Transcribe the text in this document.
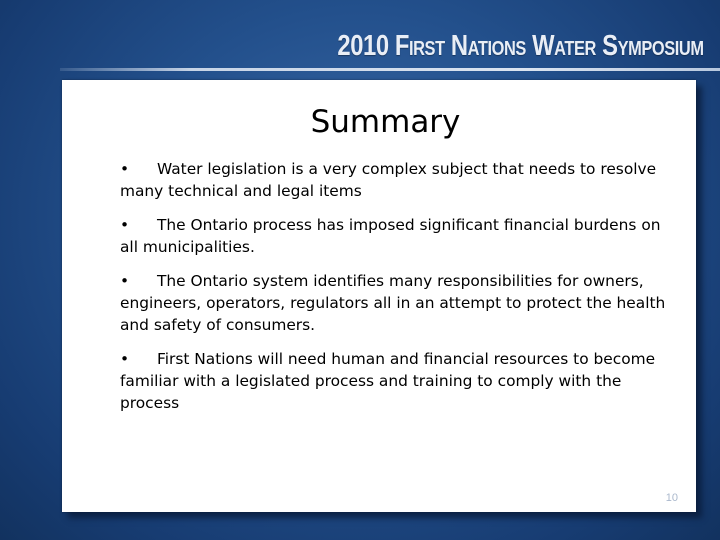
2010 First Nations Water Symposium
Summary
• Water legislation is a very complex subject that needs to resolve many technical and legal items
• The Ontario process has imposed significant financial burdens on all municipalities.
• The Ontario system identifies many responsibilities for owners, engineers, operators, regulators all in an attempt to protect the health and safety of consumers.
• First Nations will need human and financial resources to become familiar with a legislated process and training to comply with the process
10
